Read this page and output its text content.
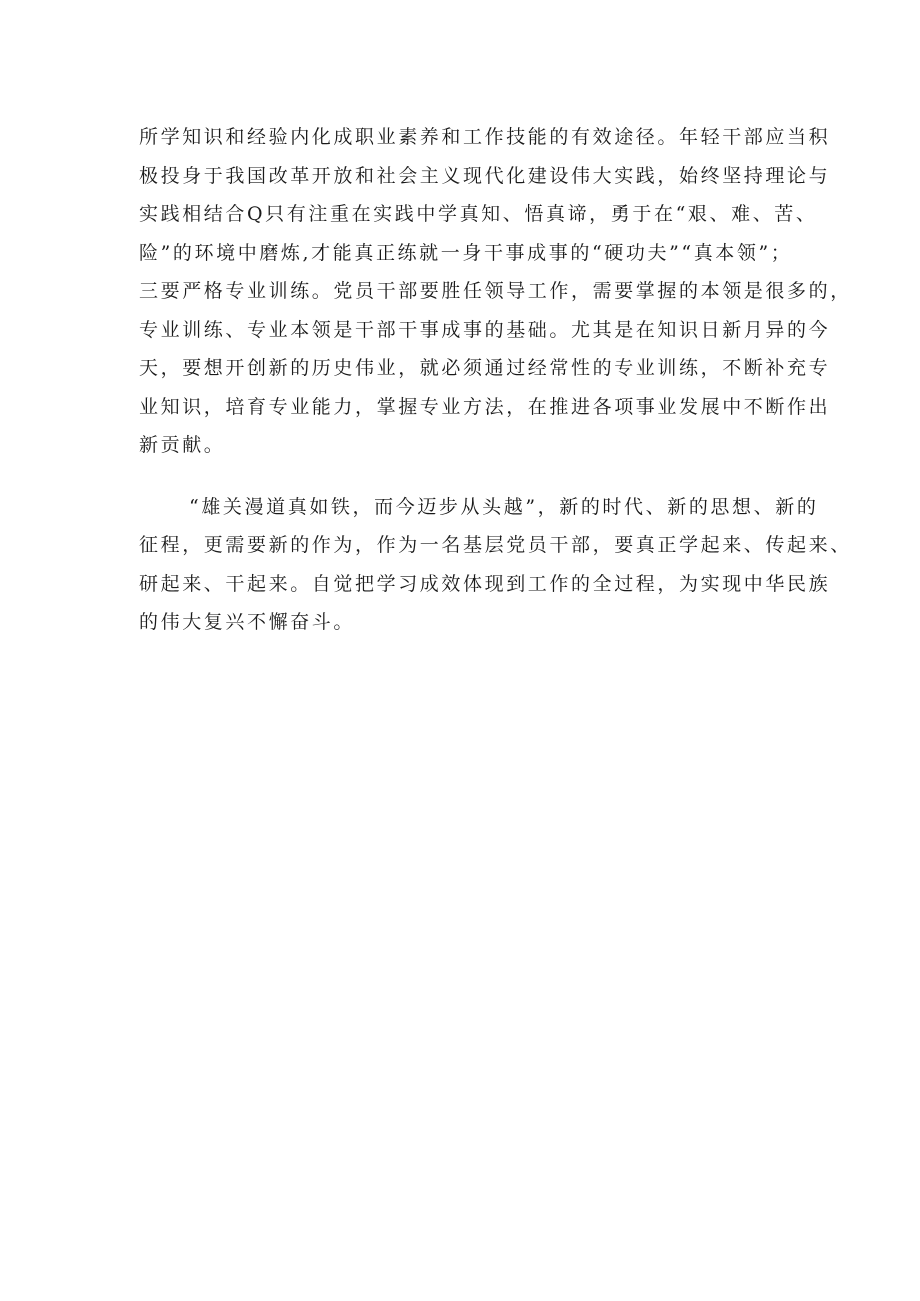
所学知识和经验内化成职业素养和工作技能的有效途径。年轻干部应当积
极投身于我国改革开放和社会主义现代化建设伟大实践，始终坚持理论与
实践相结合Q只有注重在实践中学真知、悟真谛，勇于在“艰、难、苦、
险”的环境中磨炼,才能真正练就一身干事成事的“硬功夫”“真本领”；
三要严格专业训练。党员干部要胜任领导工作，需要掌握的本领是很多的，
专业训练、专业本领是干部干事成事的基础。尤其是在知识日新月异的今
天，要想开创新的历史伟业，就必须通过经常性的专业训练，不断补充专
业知识，培育专业能力，掌握专业方法，在推进各项事业发展中不断作出
新贡献。

“雄关漫道真如铁，而今迈步从头越”，新的时代、新的思想、新的
征程，更需要新的作为，作为一名基层党员干部，要真正学起来、传起来、
研起来、干起来。自觉把学习成效体现到工作的全过程，为实现中华民族
的伟大复兴不懈奋斗。
